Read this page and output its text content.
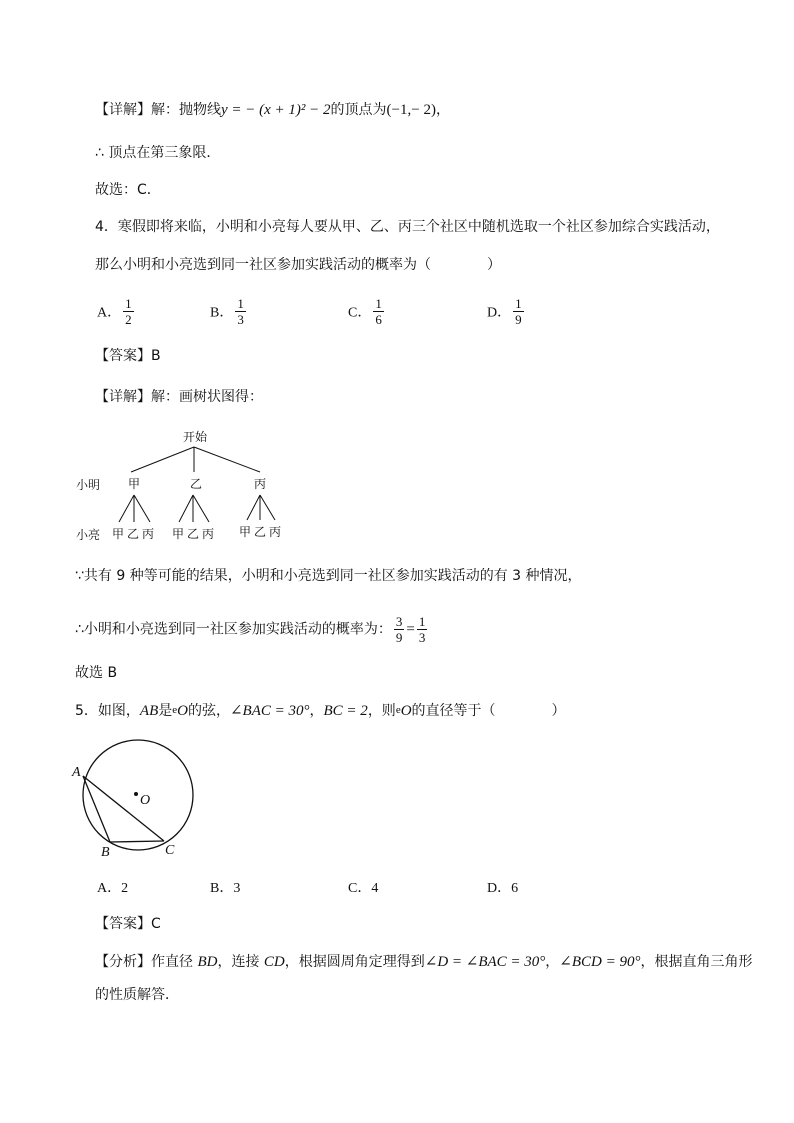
【详解】解：抛物线y = − (x + 1)² − 2的顶点为(−1,− 2)，
∴ 顶点在第三象限．
故选：C．
4．寒假即将来临，小明和小亮每人要从甲、乙、丙三个社区中随机选取一个社区参加综合实践活动，
那么小明和小亮选到同一社区参加实践活动的概率为（　　　　）
A． $\frac{1}{2}$	B． $\frac{1}{3}$	C． $\frac{1}{6}$	D． $\frac{1}{9}$
【答案】B
【详解】解：画树状图得：
开始
小明 甲	乙	丙
小亮 甲 乙 丙 甲 乙 丙 甲 乙 丙
∵共有 9 种等可能的结果，小明和小亮选到同一社区参加实践活动的有 3 种情况，
∴小明和小亮选到同一社区参加实践活动的概率为： $\frac{3}{9} = \frac{1}{3}$
故选 B
5．如图，AB是eO的弦，∠BAC = 30°，BC = 2，则eO的直径等于（　　　　）
A
B	C
O
A．2	B．3	C．4	D．6
【答案】C
【分析】作直径 BD，连接 CD，根据圆周角定理得到∠D = ∠BAC = 30°，∠BCD = 90°，根据直角三角形
的性质解答．
